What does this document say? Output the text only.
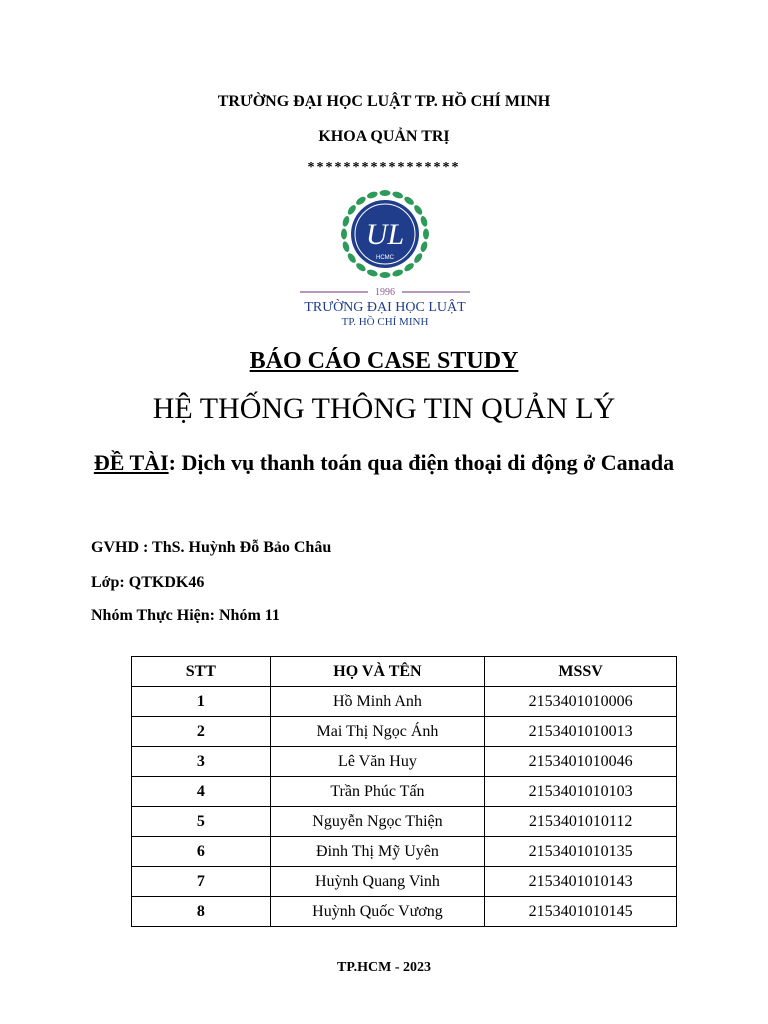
TRƯỜNG ĐẠI HỌC LUẬT TP. HỒ CHÍ MINH
KHOA QUẢN TRỊ
*****************
UL
HCMC
1996
TRƯỜNG ĐẠI HỌC LUẬT
TP. HỒ CHÍ MINH
BÁO CÁO CASE STUDY
HỆ THỐNG THÔNG TIN QUẢN LÝ
ĐỀ TÀI: Dịch vụ thanh toán qua điện thoại di động ở Canada
GVHD : ThS. Huỳnh Đỗ Bảo Châu
Lớp: QTKDK46
Nhóm Thực Hiện: Nhóm 11
STT	HỌ VÀ TÊN	MSSV
1	Hồ Minh Anh	2153401010006
2	Mai Thị Ngọc Ánh	2153401010013
3	Lê Văn Huy	2153401010046
4	Trần Phúc Tấn	2153401010103
5	Nguyễn Ngọc Thiện	2153401010112
6	Đinh Thị Mỹ Uyên	2153401010135
7	Huỳnh Quang Vinh	2153401010143
8	Huỳnh Quốc Vương	2153401010145
TP.HCM - 2023
